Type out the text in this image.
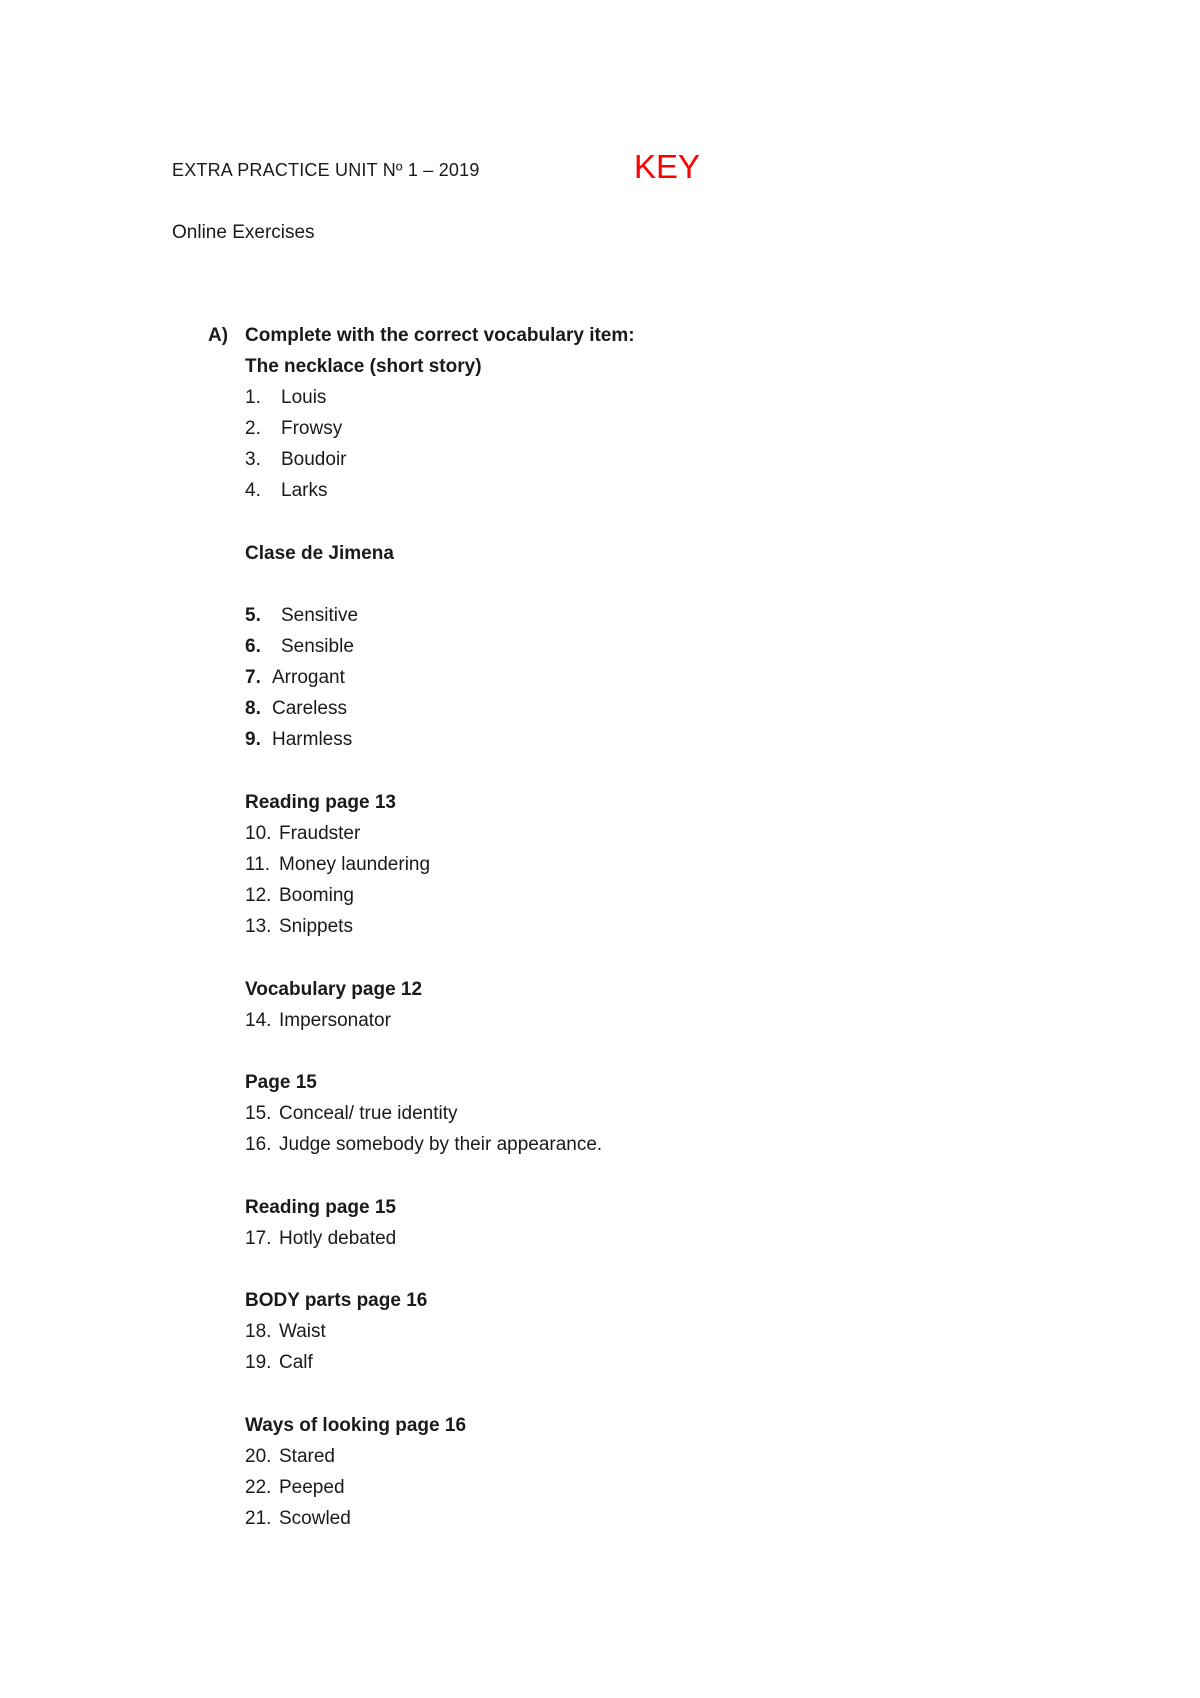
EXTRA PRACTICE UNIT Nº 1 – 2019	KEY
Online Exercises
A) Complete with the correct vocabulary item:
The necklace (short story)
1. Louis
2. Frowsy
3. Boudoir
4. Larks
Clase de Jimena
5. Sensitive
6. Sensible
7. Arrogant
8. Careless
9. Harmless
Reading page 13
10. Fraudster
11. Money laundering
12. Booming
13. Snippets
Vocabulary page 12
14. Impersonator
Page 15
15. Conceal/ true identity
16. Judge somebody by their appearance.
Reading page 15
17. Hotly debated
BODY parts page 16
18. Waist
19. Calf
Ways of looking page 16
20. Stared
22. Peeped
21. Scowled
